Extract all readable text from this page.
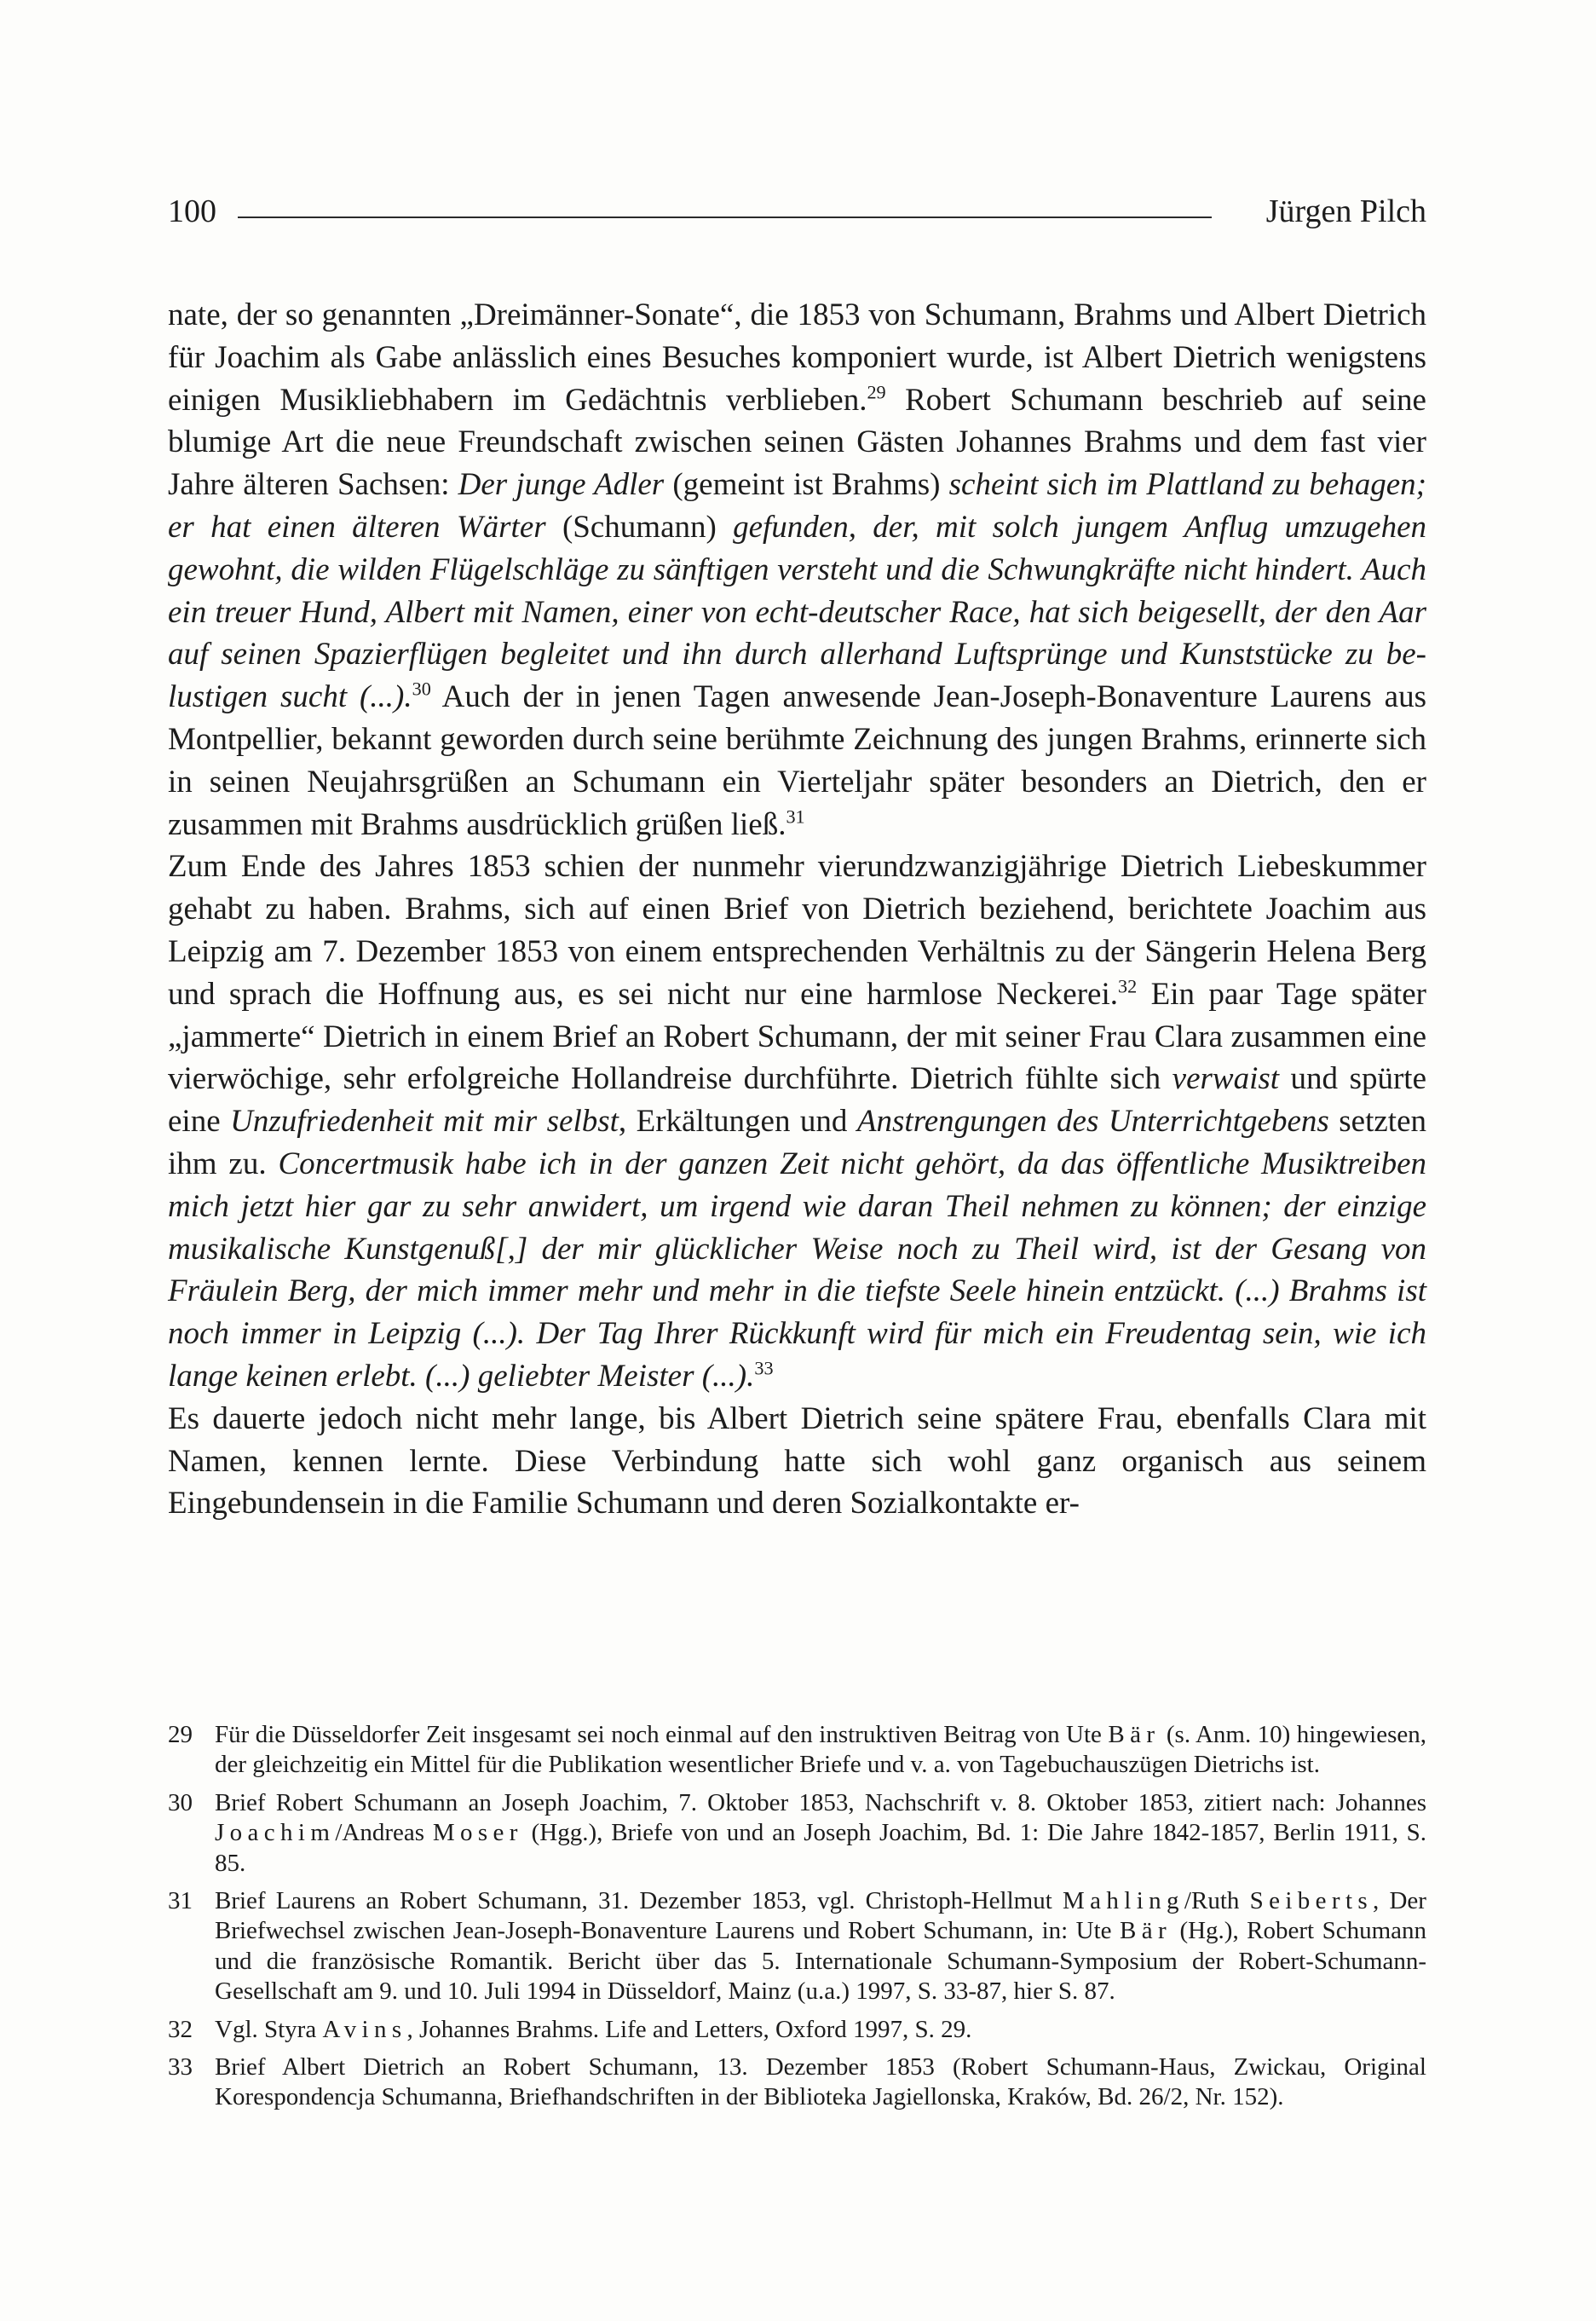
100	Jürgen Pilch

nate, der so genannten „Dreimänner-Sonate“, die 1853 von Schumann, Brahms und Albert Dietrich für Joachim als Gabe anlässlich eines Besuches komponiert wurde, ist Albert Dietrich wenigstens einigen Musikliebhabern im Gedächtnis verblieben.$^{29}$ Robert Schumann beschrieb auf seine blumige Art die neue Freundschaft zwischen seinen Gästen Johannes Brahms und dem fast vier Jahre älteren Sachsen: Der junge Adler (gemeint ist Brahms) scheint sich im Plattland zu behagen; er hat einen älteren Wärter (Schumann) gefunden, der, mit solch jungem Anflug umzugehen gewohnt, die wilden Flügelschläge zu sänftigen versteht und die Schwungkräfte nicht hindert. Auch ein treuer Hund, Albert mit Namen, einer von echt-deutscher Race, hat sich beigesellt, der den Aar auf seinen Spazierflügen begleitet und ihn durch allerhand Luftsprünge und Kunststücke zu belustigen sucht (...).$^{30}$ Auch der in jenen Tagen anwesende Jean-Joseph-Bonaventure Laurens aus Montpellier, bekannt geworden durch seine berühmte Zeichnung des jungen Brahms, erinnerte sich in seinen Neujahrsgrüßen an Schumann ein Vierteljahr später besonders an Dietrich, den er zusammen mit Brahms ausdrücklich grüßen ließ.$^{31}$

Zum Ende des Jahres 1853 schien der nunmehr vierundzwanzigjährige Dietrich Liebeskummer gehabt zu haben. Brahms, sich auf einen Brief von Dietrich beziehend, berichtete Joachim aus Leipzig am 7. Dezember 1853 von einem entsprechenden Verhältnis zu der Sängerin Helena Berg und sprach die Hoffnung aus, es sei nicht nur eine harmlose Neckerei.$^{32}$ Ein paar Tage später „jammerte“ Dietrich in einem Brief an Robert Schumann, der mit seiner Frau Clara zusammen eine vierwöchige, sehr erfolgreiche Hollandreise durchführte. Dietrich fühlte sich verwaist und spürte eine Unzufriedenheit mit mir selbst, Erkältungen und Anstrengungen des Unterrichtgebens setzten ihm zu. Concertmusik habe ich in der ganzen Zeit nicht gehört, da das öffentliche Musiktreiben mich jetzt hier gar zu sehr anwidert, um irgend wie daran Theil nehmen zu können; der einzige musikalische Kunstgenuß[,] der mir glücklicher Weise noch zu Theil wird, ist der Gesang von Fräulein Berg, der mich immer mehr und mehr in die tiefste Seele hinein entzückt. (...) Brahms ist noch immer in Leipzig (...). Der Tag Ihrer Rückkunft wird für mich ein Freudentag sein, wie ich lange keinen erlebt. (...) geliebter Meister (...).$^{33}$

Es dauerte jedoch nicht mehr lange, bis Albert Dietrich seine spätere Frau, ebenfalls Clara mit Namen, kennen lernte. Diese Verbindung hatte sich wohl ganz organisch aus seinem Eingebundensein in die Familie Schumann und deren Sozialkontakte er-

29 Für die Düsseldorfer Zeit insgesamt sei noch einmal auf den instruktiven Beitrag von Ute Bär (s. Anm. 10) hingewiesen, der gleichzeitig ein Mittel für die Publikation wesentlicher Briefe und v. a. von Tagebuchauszügen Dietrichs ist.
30 Brief Robert Schumann an Joseph Joachim, 7. Oktober 1853, Nachschrift v. 8. Oktober 1853, zitiert nach: Johannes Joachim/Andreas Moser (Hgg.), Briefe von und an Joseph Joachim, Bd. 1: Die Jahre 1842-1857, Berlin 1911, S. 85.
31 Brief Laurens an Robert Schumann, 31. Dezember 1853, vgl. Christoph-Hellmut Mahling/Ruth Seiberts, Der Briefwechsel zwischen Jean-Joseph-Bonaventure Laurens und Robert Schumann, in: Ute Bär (Hg.), Robert Schumann und die französische Romantik. Bericht über das 5. Internationale Schumann-Symposium der Robert-Schumann-Gesellschaft am 9. und 10. Juli 1994 in Düsseldorf, Mainz (u.a.) 1997, S. 33-87, hier S. 87.
32 Vgl. Styra Avins, Johannes Brahms. Life and Letters, Oxford 1997, S. 29.
33 Brief Albert Dietrich an Robert Schumann, 13. Dezember 1853 (Robert Schumann-Haus, Zwickau, Original Korespondencja Schumanna, Briefhandschriften in der Biblioteka Jagiellonska, Kraków, Bd. 26/2, Nr. 152).
